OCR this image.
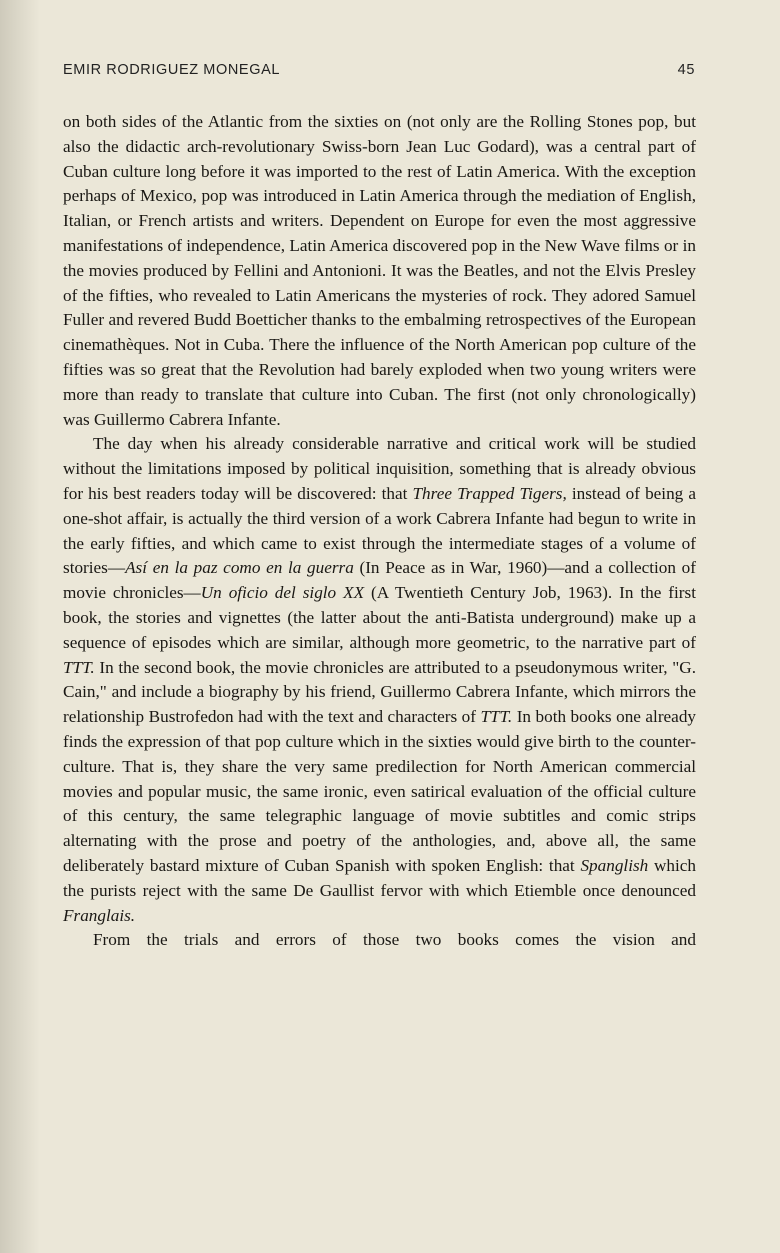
EMIR RODRIGUEZ MONEGAL	45

on both sides of the Atlantic from the sixties on (not only are the Rolling Stones pop, but also the didactic arch-revolutionary Swiss-born Jean Luc Godard), was a central part of Cuban culture long before it was imported to the rest of Latin America. With the exception perhaps of Mexico, pop was introduced in Latin America through the mediation of English, Italian, or French artists and writers. Dependent on Europe for even the most aggressive manifestations of independence, Latin America discovered pop in the New Wave films or in the movies produced by Fellini and Antonioni. It was the Beatles, and not the Elvis Presley of the fifties, who revealed to Latin Americans the mysteries of rock. They adored Samuel Fuller and revered Budd Boetticher thanks to the embalming retrospectives of the European cinemathèques. Not in Cuba. There the influence of the North American pop culture of the fifties was so great that the Revolution had barely exploded when two young writers were more than ready to translate that culture into Cuban. The first (not only chronologically) was Guillermo Cabrera Infante.

The day when his already considerable narrative and critical work will be studied without the limitations imposed by political inquisition, something that is already obvious for his best readers today will be discovered: that Three Trapped Tigers, instead of being a one-shot affair, is actually the third version of a work Cabrera Infante had begun to write in the early fifties, and which came to exist through the intermediate stages of a volume of stories—Así en la paz como en la guerra (In Peace as in War, 1960)—and a collection of movie chronicles—Un oficio del siglo XX (A Twentieth Century Job, 1963). In the first book, the stories and vignettes (the latter about the anti-Batista underground) make up a sequence of episodes which are similar, although more geometric, to the narrative part of TTT. In the second book, the movie chronicles are attributed to a pseudonymous writer, "G. Cain," and include a biography by his friend, Guillermo Cabrera Infante, which mirrors the relationship Bustrofedon had with the text and characters of TTT. In both books one already finds the expression of that pop culture which in the sixties would give birth to the counter-culture. That is, they share the very same predilection for North American commercial movies and popular music, the same ironic, even satirical evaluation of the official culture of this century, the same telegraphic language of movie subtitles and comic strips alternating with the prose and poetry of the anthologies, and, above all, the same deliberately bastard mixture of Cuban Spanish with spoken English: that Spanglish which the purists reject with the same De Gaullist fervor with which Etiemble once denounced Franglais.

From the trials and errors of those two books comes the vision and
